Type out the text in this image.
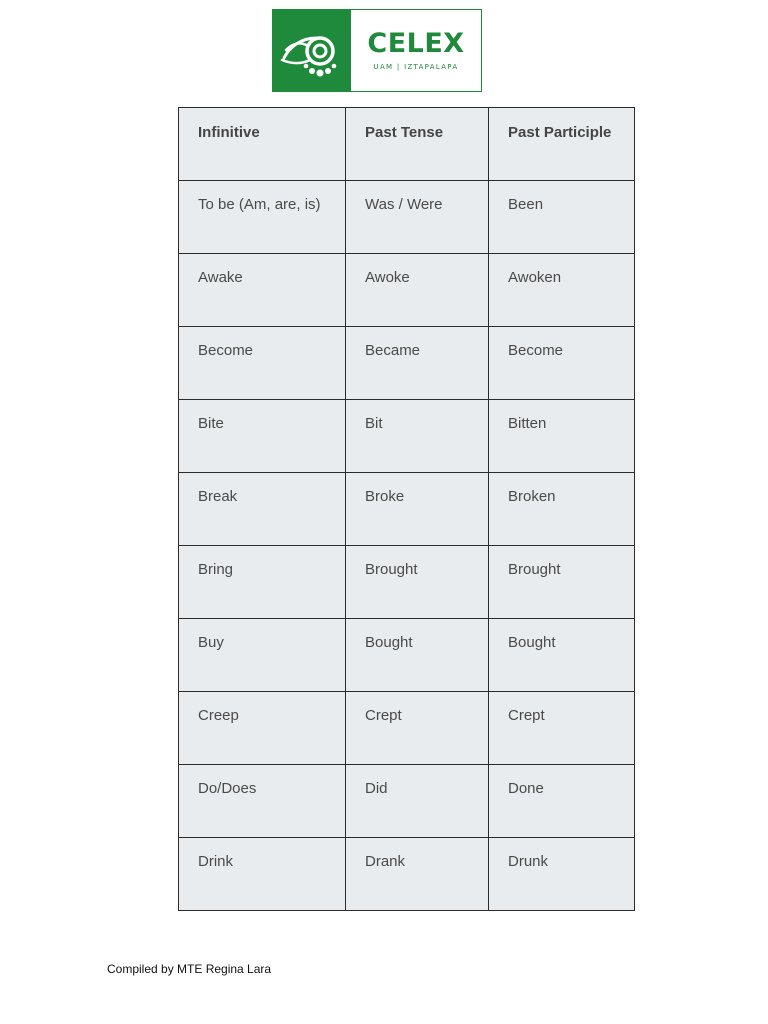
CELEX
UAM | IZTAPALAPA
Infinitive	Past Tense	Past Participle
To be (Am, are, is)	Was / Were	Been
Awake	Awoke	Awoken
Become	Became	Become
Bite	Bit	Bitten
Break	Broke	Broken
Bring	Brought	Brought
Buy	Bought	Bought
Creep	Crept	Crept
Do/Does	Did	Done
Drink	Drank	Drunk
Compiled by MTE Regina Lara
